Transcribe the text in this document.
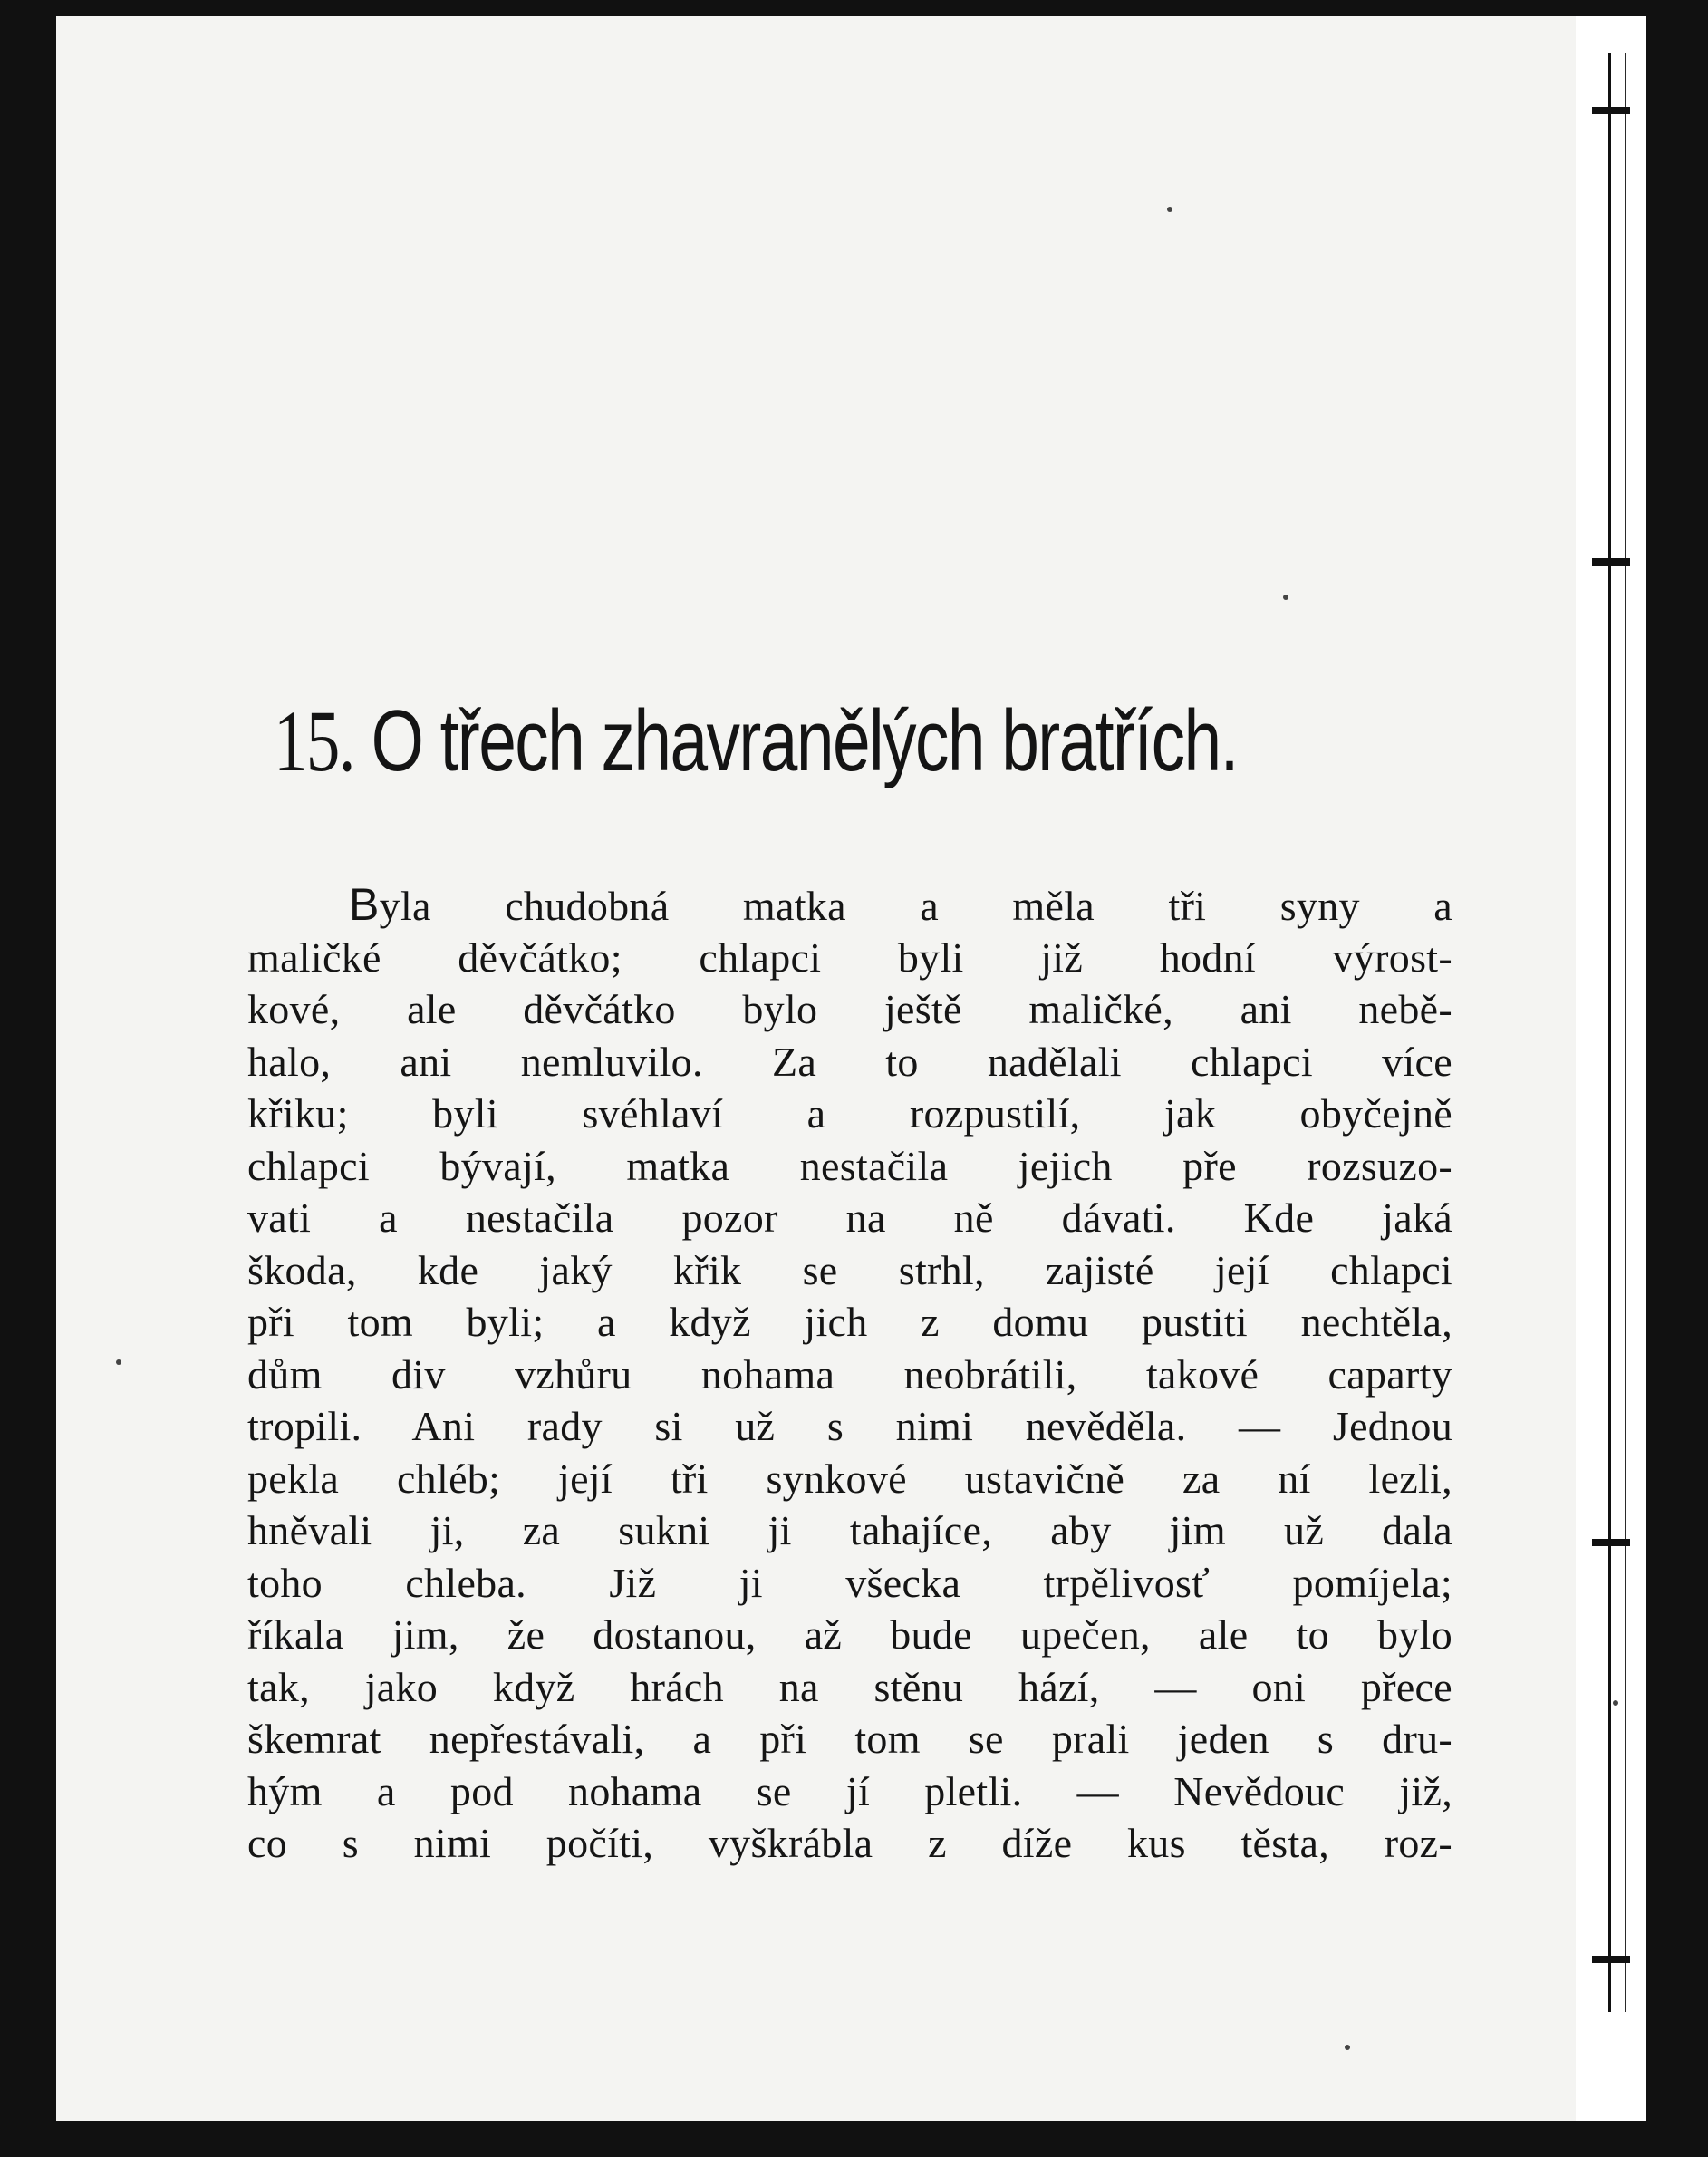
15. O třech zhavranělých bratřích.
Byla chudobná matka a měla tři syny a
maličké děvčátko; chlapci byli již hodní výrost-
kové, ale děvčátko bylo ještě maličké, ani nebě-
halo, ani nemluvilo. Za to nadělali chlapci více
křiku; byli svéhlaví a rozpustilí, jak obyčejně
chlapci bývají, matka nestačila jejich pře rozsuzo-
vati a nestačila pozor na ně dávati. Kde jaká
škoda, kde jaký křik se strhl, zajisté její chlapci
při tom byli; a když jich z domu pustiti nechtěla,
dům div vzhůru nohama neobrátili, takové caparty
tropili. Ani rady si už s nimi nevěděla. — Jednou
pekla chléb; její tři synkové ustavičně za ní lezli,
hněvali ji, za sukni ji tahajíce, aby jim už dala
toho chleba. Již ji všecka trpělivosť pomíjela;
říkala jim, že dostanou, až bude upečen, ale to bylo
tak, jako když hrách na stěnu hází, — oni přece
škemrat nepřestávali, a při tom se prali jeden s dru-
hým a pod nohama se jí pletli. — Nevědouc již,
co s nimi počíti, vyškrábla z díže kus těsta, roz-
